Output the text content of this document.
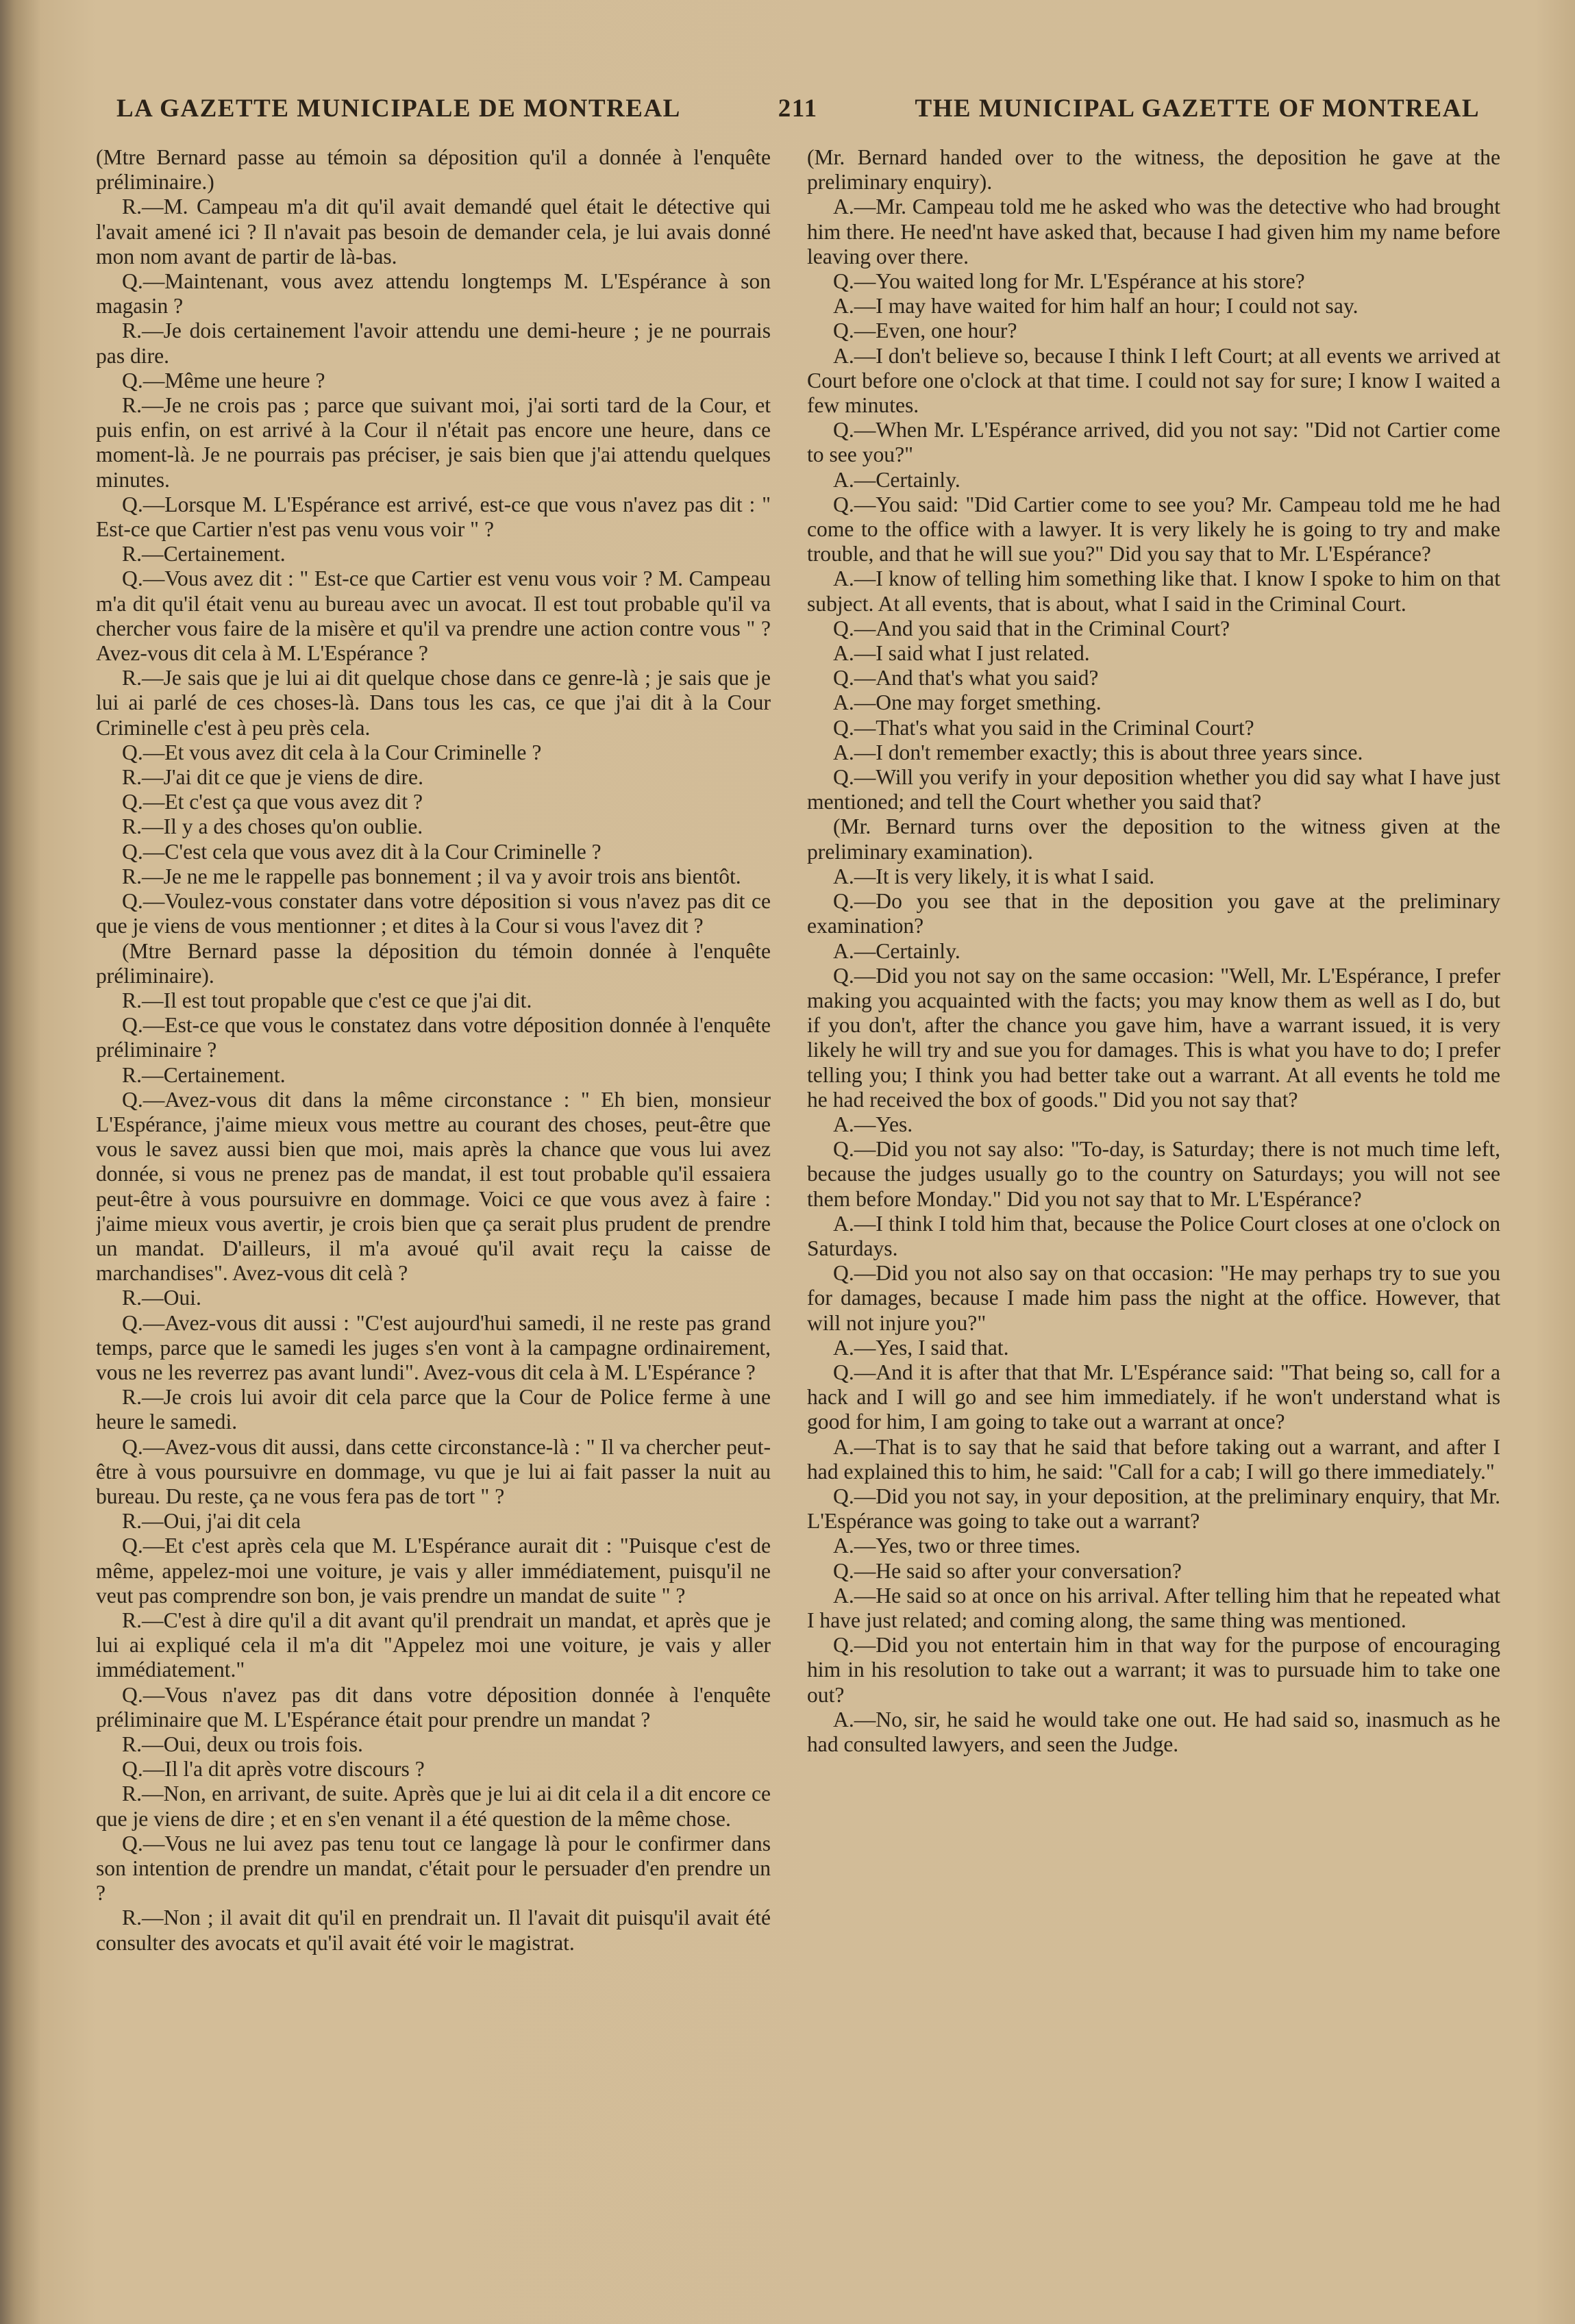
LA GAZETTE MUNICIPALE DE MONTREAL	211	THE MUNICIPAL GAZETTE OF MONTREAL

(Mtre Bernard passe au témoin sa déposition qu'il a donnée à l'enquête préliminaire.)

R.—M. Campeau m'a dit qu'il avait demandé quel était le détective qui l'avait amené ici ? Il n'avait pas besoin de demander cela, je lui avais donné mon nom avant de partir de là-bas.

Q.—Maintenant, vous avez attendu longtemps M. L'Espérance à son magasin ?

R.—Je dois certainement l'avoir attendu une demi-heure ; je ne pourrais pas dire.

Q.—Même une heure ?

R.—Je ne crois pas ; parce que suivant moi, j'ai sorti tard de la Cour, et puis enfin, on est arrivé à la Cour il n'était pas encore une heure, dans ce moment-là. Je ne pourrais pas préciser, je sais bien que j'ai attendu quelques minutes.

Q.—Lorsque M. L'Espérance est arrivé, est-ce que vous n'avez pas dit : " Est-ce que Cartier n'est pas venu vous voir " ?

R.—Certainement.

Q.—Vous avez dit : " Est-ce que Cartier est venu vous voir ? M. Campeau m'a dit qu'il était venu au bureau avec un avocat. Il est tout probable qu'il va chercher vous faire de la misère et qu'il va prendre une action contre vous " ? Avez-vous dit cela à M. L'Espérance ?

R.—Je sais que je lui ai dit quelque chose dans ce genre-là ; je sais que je lui ai parlé de ces choses-là. Dans tous les cas, ce que j'ai dit à la Cour Criminelle c'est à peu près cela.

Q.—Et vous avez dit cela à la Cour Criminelle ?

R.—J'ai dit ce que je viens de dire.

Q.—Et c'est ça que vous avez dit ?

R.—Il y a des choses qu'on oublie.

Q.—C'est cela que vous avez dit à la Cour Criminelle ?

R.—Je ne me le rappelle pas bonnement ; il va y avoir trois ans bientôt.

Q.—Voulez-vous constater dans votre déposition si vous n'avez pas dit ce que je viens de vous mentionner ; et dites à la Cour si vous l'avez dit ?

(Mtre Bernard passe la déposition du témoin donnée à l'enquête préliminaire).

R.—Il est tout propable que c'est ce que j'ai dit.

Q.—Est-ce que vous le constatez dans votre déposition donnée à l'enquête préliminaire ?

R.—Certainement.

Q.—Avez-vous dit dans la même circonstance : " Eh bien, monsieur L'Espérance, j'aime mieux vous mettre au courant des choses, peut-être que vous le savez aussi bien que moi, mais après la chance que vous lui avez donnée, si vous ne prenez pas de mandat, il est tout probable qu'il essaiera peut-être à vous poursuivre en dommage. Voici ce que vous avez à faire : j'aime mieux vous avertir, je crois bien que ça serait plus prudent de prendre un mandat. D'ailleurs, il m'a avoué qu'il avait reçu la caisse de marchandises". Avez-vous dit celà ?

R.—Oui.

Q.—Avez-vous dit aussi : "C'est aujourd'hui samedi, il ne reste pas grand temps, parce que le samedi les juges s'en vont à la campagne ordinairement, vous ne les reverrez pas avant lundi". Avez-vous dit cela à M. L'Espérance ?

R.—Je crois lui avoir dit cela parce que la Cour de Police ferme à une heure le samedi.

Q.—Avez-vous dit aussi, dans cette circonstance-là : " Il va chercher peut-être à vous poursuivre en dommage, vu que je lui ai fait passer la nuit au bureau. Du reste, ça ne vous fera pas de tort " ?

R.—Oui, j'ai dit cela

Q.—Et c'est après cela que M. L'Espérance aurait dit : "Puisque c'est de même, appelez-moi une voiture, je vais y aller immédiatement, puisqu'il ne veut pas comprendre son bon, je vais prendre un mandat de suite " ?

R.—C'est à dire qu'il a dit avant qu'il prendrait un mandat, et après que je lui ai expliqué cela il m'a dit "Appelez moi une voiture, je vais y aller immédiatement."

Q.—Vous n'avez pas dit dans votre déposition donnée à l'enquête préliminaire que M. L'Espérance était pour prendre un mandat ?

R.—Oui, deux ou trois fois.

Q.—Il l'a dit après votre discours ?

R.—Non, en arrivant, de suite. Après que je lui ai dit cela il a dit encore ce que je viens de dire ; et en s'en venant il a été question de la même chose.

Q.—Vous ne lui avez pas tenu tout ce langage là pour le confirmer dans son intention de prendre un mandat, c'était pour le persuader d'en prendre un ?

R.—Non ; il avait dit qu'il en prendrait un. Il l'avait dit puisqu'il avait été consulter des avocats et qu'il avait été voir le magistrat.

(Mr. Bernard handed over to the witness, the deposition he gave at the preliminary enquiry).

A.—Mr. Campeau told me he asked who was the detective who had brought him there. He need'nt have asked that, because I had given him my name before leaving over there.

Q.—You waited long for Mr. L'Espérance at his store?

A.—I may have waited for him half an hour; I could not say.

Q.—Even, one hour?

A.—I don't believe so, because I think I left Court; at all events we arrived at Court before one o'clock at that time. I could not say for sure; I know I waited a few minutes.

Q.—When Mr. L'Espérance arrived, did you not say: "Did not Cartier come to see you?"

A.—Certainly.

Q.—You said: "Did Cartier come to see you? Mr. Campeau told me he had come to the office with a lawyer. It is very likely he is going to try and make trouble, and that he will sue you?" Did you say that to Mr. L'Espérance?

A.—I know of telling him something like that. I know I spoke to him on that subject. At all events, that is about, what I said in the Criminal Court.

Q.—And you said that in the Criminal Court?

A.—I said what I just related.

Q.—And that's what you said?

A.—One may forget smething.

Q.—That's what you said in the Criminal Court?

A.—I don't remember exactly; this is about three years since.

Q.—Will you verify in your deposition whether you did say what I have just mentioned; and tell the Court whether you said that?

(Mr. Bernard turns over the deposition to the witness given at the preliminary examination).

A.—It is very likely, it is what I said.

Q.—Do you see that in the deposition you gave at the preliminary examination?

A.—Certainly.

Q.—Did you not say on the same occasion: "Well, Mr. L'Espérance, I prefer making you acquainted with the facts; you may know them as well as I do, but if you don't, after the chance you gave him, have a warrant issued, it is very likely he will try and sue you for damages. This is what you have to do; I prefer telling you; I think you had better take out a warrant. At all events he told me he had received the box of goods." Did you not say that?

A.—Yes.

Q.—Did you not say also: "To-day, is Saturday; there is not much time left, because the judges usually go to the country on Saturdays; you will not see them before Monday." Did you not say that to Mr. L'Espérance?

A.—I think I told him that, because the Police Court closes at one o'clock on Saturdays.

Q.—Did you not also say on that occasion: "He may perhaps try to sue you for damages, because I made him pass the night at the office. However, that will not injure you?"

A.—Yes, I said that.

Q.—And it is after that that Mr. L'Espérance said: "That being so, call for a hack and I will go and see him immediately. if he won't understand what is good for him, I am going to take out a warrant at once?

A.—That is to say that he said that before taking out a warrant, and after I had explained this to him, he said: "Call for a cab; I will go there immediately."

Q.—Did you not say, in your deposition, at the preliminary enquiry, that Mr. L'Espérance was going to take out a warrant?

A.—Yes, two or three times.

Q.—He said so after your conversation?

A.—He said so at once on his arrival. After telling him that he repeated what I have just related; and coming along, the same thing was mentioned.

Q.—Did you not entertain him in that way for the purpose of encouraging him in his resolution to take out a warrant; it was to pursuade him to take one out?

A.—No, sir, he said he would take one out. He had said so, inasmuch as he had consulted lawyers, and seen the Judge.
